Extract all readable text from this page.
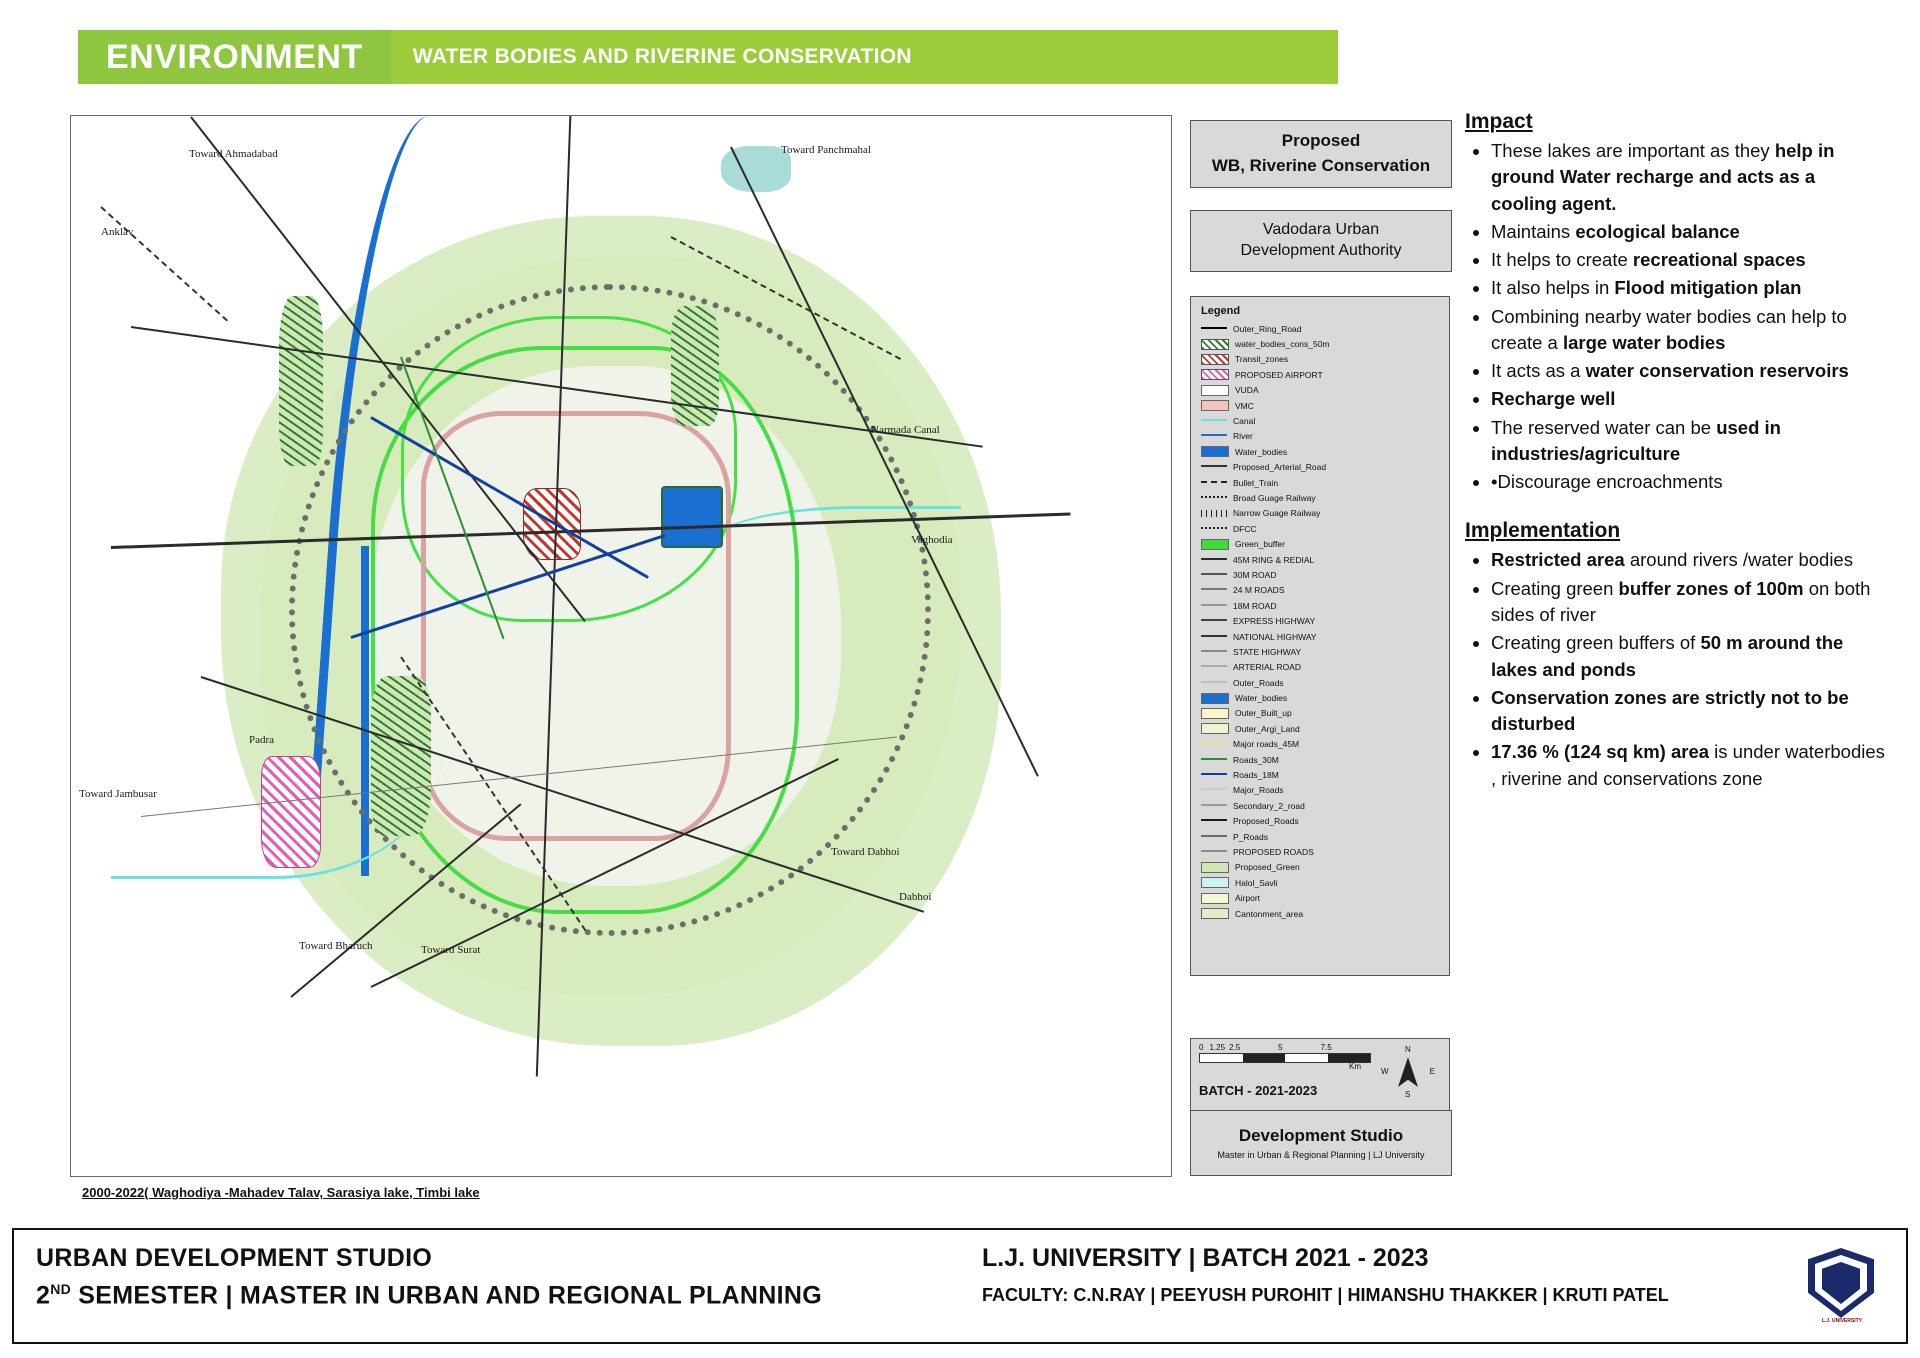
ENVIRONMENT	WATER BODIES AND RIVERINE CONSERVATION
Toward Ahmadabad	Toward Panchmahal
Anklav
Narmada Canal
Vaghodia
Padra
Toward Jambusar
Toward Dabhoi
Dabhoi
Toward Bharuch	Toward Surat
2000-2022( Waghodiya -Mahadev Talav, Sarasiya lake, Timbi lake
Proposed
WB, Riverine Conservation
Vadodara Urban
Development Authority
Legend
Outer_Ring_Road
water_bodies_cons_50m
Transit_zones
PROPOSED AIRPORT
VUDA
VMC
Canal
River
Water_bodies
Proposed_Arterial_Road
Bullet_Train
Broad Guage Railway
Narrow Guage Railway
DFCC
Green_buffer
45M RING & REDIAL
30M ROAD
24 M ROADS
18M ROAD
EXPRESS HIGHWAY
NATIONAL HIGHWAY
STATE HIGHWAY
ARTERIAL ROAD
Outer_Roads
Water_bodies
Outer_Built_up
Outer_Argi_Land
Major roads_45M
Roads_30M
Roads_18M
Major_Roads
Secondary_2_road
Proposed_Roads
P_Roads
PROPOSED ROADS
Proposed_Green
Halol_Savli
Airport
Cantonment_area
0 1.25 2.5	5	7.5
Km
BATCH - 2021-2023
N
S
W	E
Development Studio
Master in Urban & Regional Planning | LJ University
Impact
• These lakes are important as they help in ground Water recharge and acts as a cooling agent.
• Maintains ecological balance
• It helps to create recreational spaces
• It also helps in Flood mitigation plan
• Combining nearby water bodies can help to create a large water bodies
• It acts as a water conservation reservoirs
• Recharge well
• The reserved water can be used in industries/agriculture
• •Discourage encroachments
Implementation
• Restricted area around rivers /water bodies
• Creating green buffer zones of 100m on both sides of river
• Creating green buffers of 50 m around the lakes and ponds
• Conservation zones are strictly not to be disturbed
• 17.36 % (124 sq km) area is under waterbodies , riverine and conservations zone
URBAN DEVELOPMENT STUDIO
2ND SEMESTER | MASTER IN URBAN AND REGIONAL PLANNING
L.J. UNIVERSITY | BATCH 2021 - 2023
FACULTY: C.N.RAY | PEEYUSH PUROHIT | HIMANSHU THAKKER | KRUTI PATEL
L.J. UNIVERSITY
